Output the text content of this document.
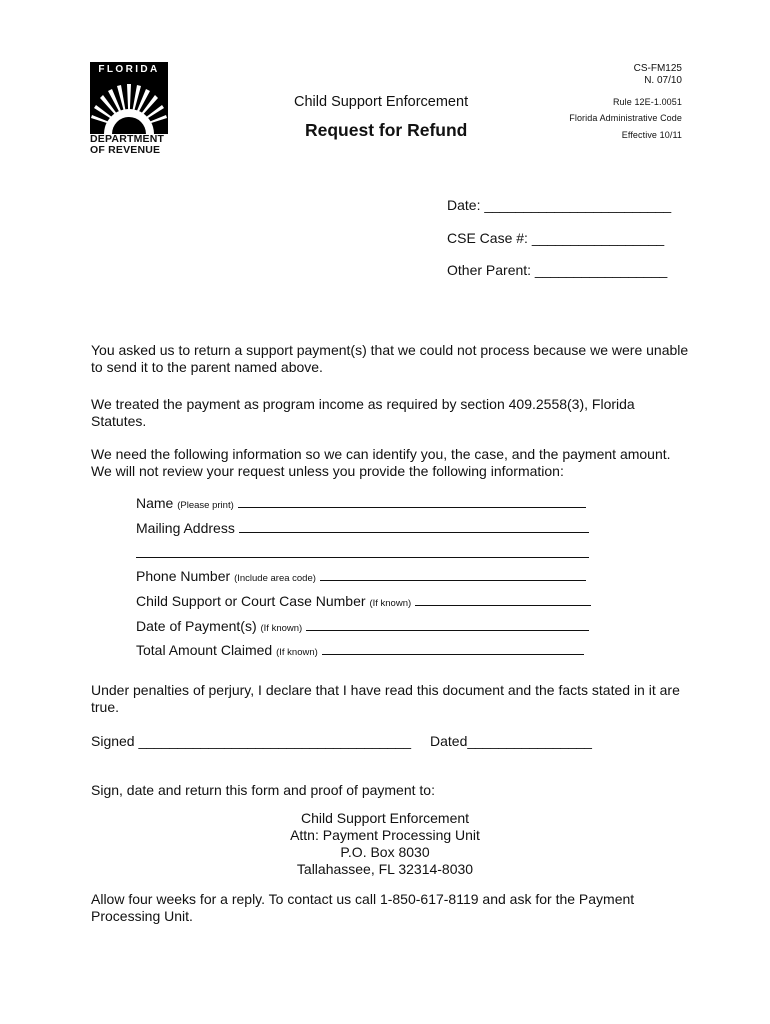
FLORIDA
DEPARTMENT
OF REVENUE
CS-FM125
N. 07/10
Child Support Enforcement
Request for Refund
Rule 12E-1.0051
Florida Administrative Code
Effective 10/11
Date: ________________________
CSE Case #: _________________
Other Parent: _________________
You asked us to return a support payment(s) that we could not process because we were unable to send it to the parent named above.
We treated the payment as program income as required by section 409.2558(3), Florida Statutes.
We need the following information so we can identify you, the case, and the payment amount. We will not review your request unless you provide the following information:
Name (Please print)
Mailing Address
Phone Number (Include area code)
Child Support or Court Case Number (If known)
Date of Payment(s) (If known)
Total Amount Claimed (If known)
Under penalties of perjury, I declare that I have read this document and the facts stated in it are true.
Signed ___________________________________ Dated________________
Sign, date and return this form and proof of payment to:
Child Support Enforcement
Attn: Payment Processing Unit
P.O. Box 8030
Tallahassee, FL 32314-8030
Allow four weeks for a reply. To contact us call 1-850-617-8119 and ask for the Payment Processing Unit.
